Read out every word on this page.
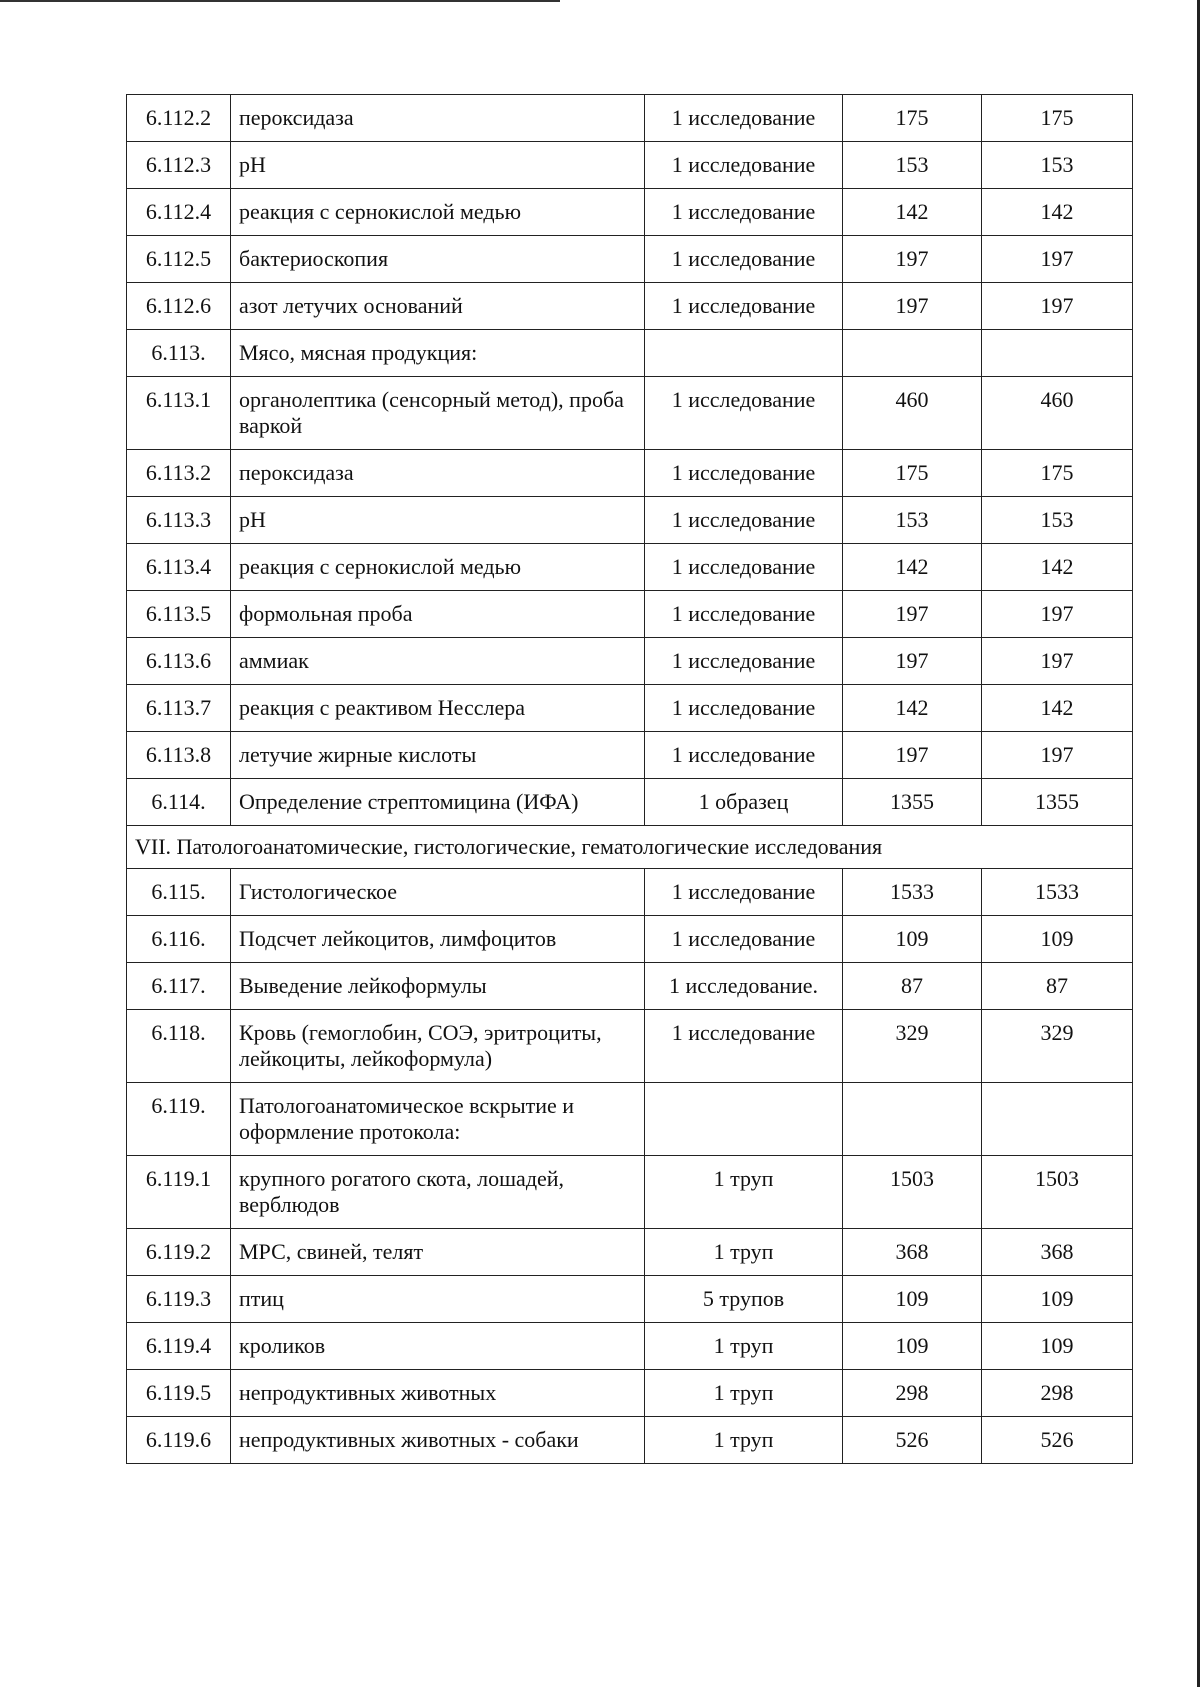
6.112.2	пероксидаза	1 исследование	175	175
6.112.3	pH	1 исследование	153	153
6.112.4	реакция с сернокислой медью	1 исследование	142	142
6.112.5	бактериоскопия	1 исследование	197	197
6.112.6	азот летучих оснований	1 исследование	197	197
6.113.	Мясо, мясная продукция:			
6.113.1	органолептика (сенсорный метод), проба варкой	1 исследование	460	460
6.113.2	пероксидаза	1 исследование	175	175
6.113.3	pH	1 исследование	153	153
6.113.4	реакция с сернокислой медью	1 исследование	142	142
6.113.5	формольная проба	1 исследование	197	197
6.113.6	аммиак	1 исследование	197	197
6.113.7	реакция с реактивом Несслера	1 исследование	142	142
6.113.8	летучие жирные кислоты	1 исследование	197	197
6.114.	Определение стрептомицина (ИФА)	1 образец	1355	1355
VII. Патологоанатомические, гистологические, гематологические исследования				
6.115.	Гистологическое	1 исследование	1533	1533
6.116.	Подсчет лейкоцитов, лимфоцитов	1 исследование	109	109
6.117.	Выведение лейкоформулы	1 исследование.	87	87
6.118.	Кровь (гемоглобин, СОЭ, эритроциты, лейкоциты, лейкоформула)	1 исследование	329	329
6.119.	Патологоанатомическое вскрытие и оформление протокола:			
6.119.1	крупного рогатого скота, лошадей, верблюдов	1 труп	1503	1503
6.119.2	МРС, свиней, телят	1 труп	368	368
6.119.3	птиц	5 трупов	109	109
6.119.4	кроликов	1 труп	109	109
6.119.5	непродуктивных животных	1 труп	298	298
6.119.6	непродуктивных животных - собаки	1 труп	526	526
